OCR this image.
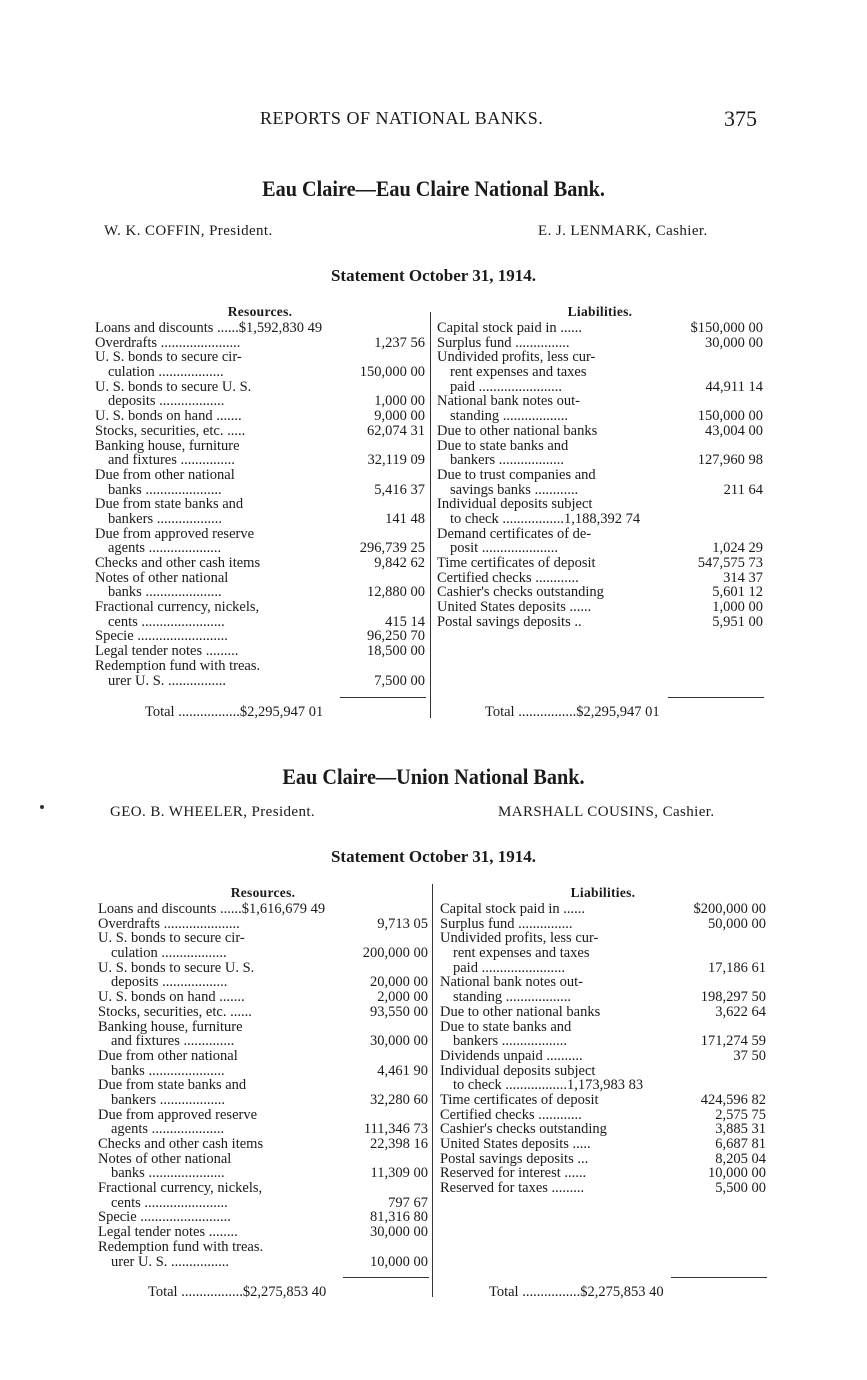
REPORTS OF NATIONAL BANKS.	375
Eau Claire—Eau Claire National Bank.
W. K. COFFIN, President.	E. J. LENMARK, Cashier.
Statement October 31, 1914.
Resources.
Loans and discounts ......$1,592,830 49
Overdrafts ......................	1,237 56
U. S. bonds to secure cir-
culation ..................	150,000 00
U. S. bonds to secure U. S.
deposits ..................	1,000 00
U. S. bonds on hand .......	9,000 00
Stocks, securities, etc. .....	62,074 31
Banking house, furniture
and fixtures ...............	32,119 09
Due from other national
banks .....................	5,416 37
Due from state banks and
bankers ..................	141 48
Due from approved reserve
agents ....................	296,739 25
Checks and other cash items	9,842 62
Notes of other national
banks .....................	12,880 00
Fractional currency, nickels,
cents .......................	415 14
Specie .........................	96,250 70
Legal tender notes .........	18,500 00
Redemption fund with treas.
urer U. S. ................	7,500 00
Liabilities.
Capital stock paid in ......	$150,000 00
Surplus fund ...............	30,000 00
Undivided profits, less cur-
rent expenses and taxes
paid .......................	44,911 14
National bank notes out-
standing ..................	150,000 00
Due to other national banks	43,004 00
Due to state banks and
bankers ..................	127,960 98
Due to trust companies and
savings banks ............	211 64
Individual deposits subject
to check .................1,188,392 74
Demand certificates of de-
posit .....................	1,024 29
Time certificates of deposit	547,575 73
Certified checks ............	314 37
Cashier's checks outstanding	5,601 12
United States deposits ......	1,000 00
Postal savings deposits ..	5,951 00
Total .................$2,295,947 01	Total ................$2,295,947 01
Eau Claire—Union National Bank.
GEO. B. WHEELER, President.	MARSHALL COUSINS, Cashier.
Statement October 31, 1914.
Resources.
Loans and discounts ......$1,616,679 49
Overdrafts .....................	9,713 05
U. S. bonds to secure cir-
culation ..................	200,000 00
U. S. bonds to secure U. S.
deposits ..................	20,000 00
U. S. bonds on hand .......	2,000 00
Stocks, securities, etc. ......	93,550 00
Banking house, furniture
and fixtures ..............	30,000 00
Due from other national
banks .....................	4,461 90
Due from state banks and
bankers ..................	32,280 60
Due from approved reserve
agents ....................	111,346 73
Checks and other cash items	22,398 16
Notes of other national
banks .....................	11,309 00
Fractional currency, nickels,
cents .......................	797 67
Specie .........................	81,316 80
Legal tender notes ........	30,000 00
Redemption fund with treas.
urer U. S. ................	10,000 00
Liabilities.
Capital stock paid in ......	$200,000 00
Surplus fund ...............	50,000 00
Undivided profits, less cur-
rent expenses and taxes
paid .......................	17,186 61
National bank notes out-
standing ..................	198,297 50
Due to other national banks	3,622 64
Due to state banks and
bankers ..................	171,274 59
Dividends unpaid ..........	37 50
Individual deposits subject
to check .................1,173,983 83
Time certificates of deposit	424,596 82
Certified checks ............	2,575 75
Cashier's checks outstanding	3,885 31
United States deposits .....	6,687 81
Postal savings deposits ...	8,205 04
Reserved for interest ......	10,000 00
Reserved for taxes .........	5,500 00
Total .................$2,275,853 40	Total ................$2,275,853 40
